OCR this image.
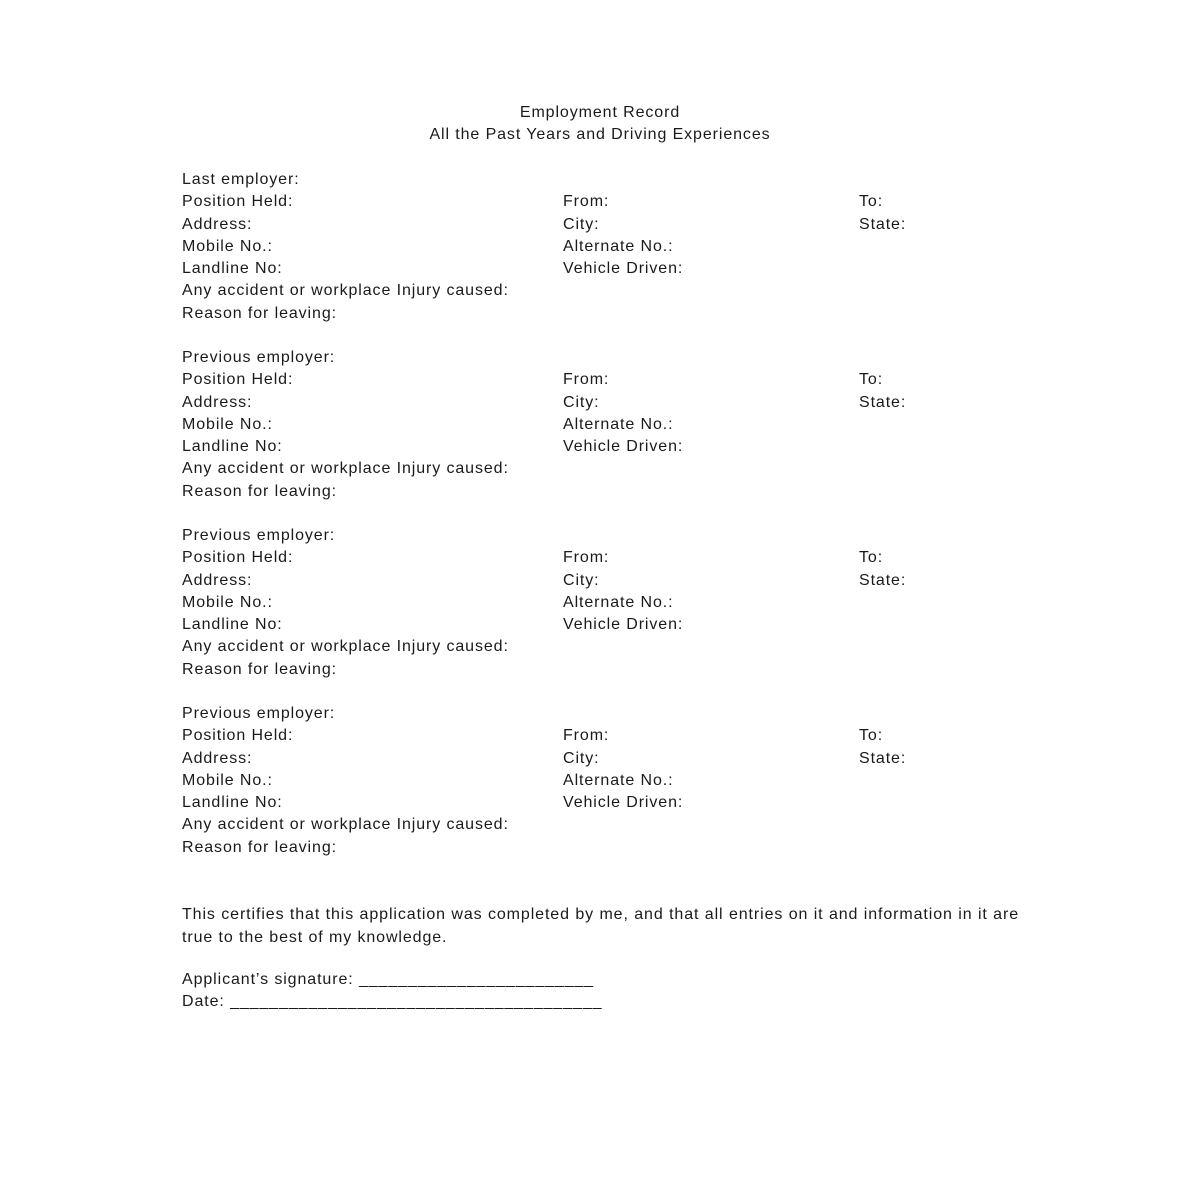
Employment Record
All the Past Years and Driving Experiences
Last employer:
Position Held:	From:	To:
Address:	City:	State:
Mobile No.:	Alternate No.:
Landline No:	Vehicle Driven:
Any accident or workplace Injury caused:
Reason for leaving:
Previous employer:
Position Held:	From:	To:
Address:	City:	State:
Mobile No.:	Alternate No.:
Landline No:	Vehicle Driven:
Any accident or workplace Injury caused:
Reason for leaving:
Previous employer:
Position Held:	From:	To:
Address:	City:	State:
Mobile No.:	Alternate No.:
Landline No:	Vehicle Driven:
Any accident or workplace Injury caused:
Reason for leaving:
Previous employer:
Position Held:	From:	To:
Address:	City:	State:
Mobile No.:	Alternate No.:
Landline No:	Vehicle Driven:
Any accident or workplace Injury caused:
Reason for leaving:
This certifies that this application was completed by me, and that all entries on it and information in it are true to the best of my knowledge.
Applicant’s signature: ________________________
Date: ______________________________________
